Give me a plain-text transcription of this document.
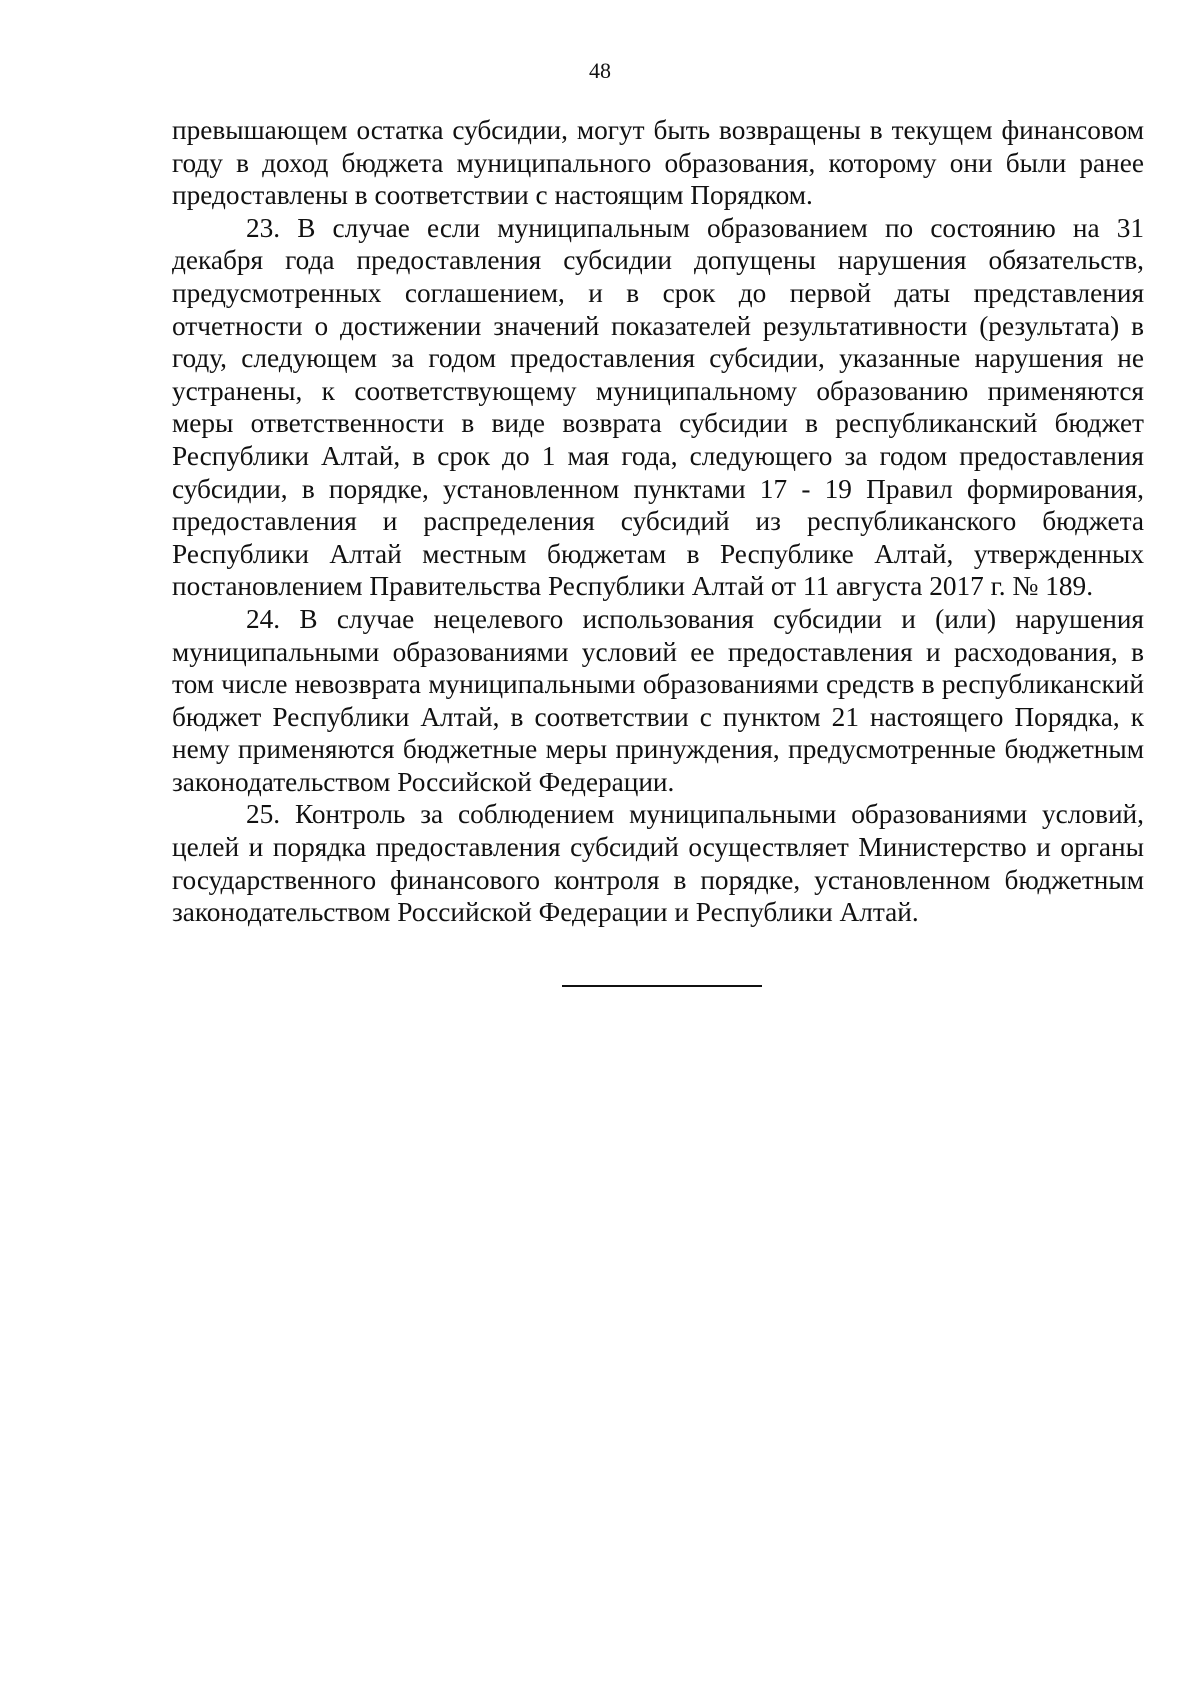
48

превышающем остатка субсидии, могут быть возвращены в текущем финансовом году в доход бюджета муниципального образования, которому они были ранее предоставлены в соответствии с настоящим Порядком.

23. В случае если муниципальным образованием по состоянию на 31 декабря года предоставления субсидии допущены нарушения обязательств, предусмотренных соглашением, и в срок до первой даты представления отчетности о достижении значений показателей результативности (результата) в году, следующем за годом предоставления субсидии, указанные нарушения не устранены, к соответствующему муниципальному образованию применяются меры ответственности в виде возврата субсидии в республиканский бюджет Республики Алтай, в срок до 1 мая года, следующего за годом предоставления субсидии, в порядке, установленном пунктами 17 - 19 Правил формирования, предоставления и распределения субсидий из республиканского бюджета Республики Алтай местным бюджетам в Республике Алтай, утвержденных постановлением Правительства Республики Алтай от 11 августа 2017 г. № 189.

24. В случае нецелевого использования субсидии и (или) нарушения муниципальными образованиями условий ее предоставления и расходования, в том числе невозврата муниципальными образованиями средств в республиканский бюджет Республики Алтай, в соответствии с пунктом 21 настоящего Порядка, к нему применяются бюджетные меры принуждения, предусмотренные бюджетным законодательством Российской Федерации.

25. Контроль за соблюдением муниципальными образованиями условий, целей и порядка предоставления субсидий осуществляет Министерство и органы государственного финансового контроля в порядке, установленном бюджетным законодательством Российской Федерации и Республики Алтай.
